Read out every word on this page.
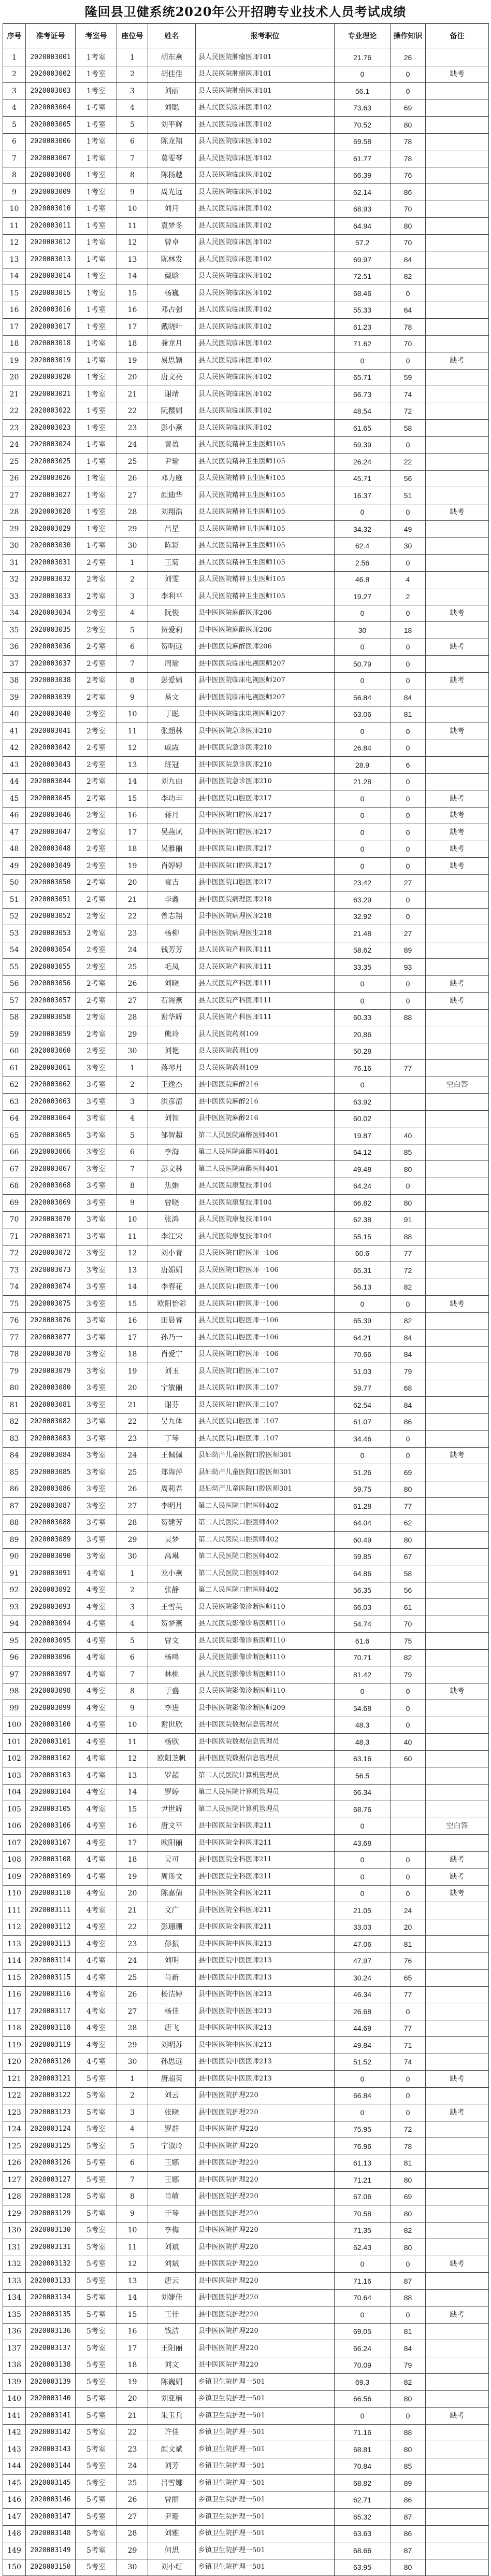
隆回县卫健系统2020年公开招聘专业技术人员考试成绩
序号	准考证号	考室号	座位号	姓名	报考职位	专业理论	操作知识	备注
1	2020003001	1考室	1	胡东燕	县人民医院肿瘤医师101	21.76	26	
2	2020003002	1考室	2	胡佳佳	县人民医院肿瘤医师101	0	0	缺考
3	2020003003	1考室	3	刘丽	县人民医院肿瘤医师101	56.1	0	
4	2020003004	1考室	4	刘聪	县人民医院临床医师102	73.63	69	
5	2020003005	1考室	5	刘平辉	县人民医院临床医师102	70.52	80	
6	2020003006	1考室	6	陈龙翔	县人民医院临床医师102	69.58	78	
7	2020003007	1考室	7	莫雯琴	县人民医院临床医师102	61.77	78	
8	2020003008	1考室	8	陈扬越	县人民医院临床医师102	66.39	76	
9	2020003009	1考室	9	周光远	县人民医院临床医师102	62.14	86	
10	2020003010	1考室	10	刘月	县人民医院临床医师102	68.93	70	
11	2020003011	1考室	11	袁梦冬	县人民医院临床医师102	64.94	80	
12	2020003012	1考室	12	曾卓	县人民医院临床医师102	57.2	70	
13	2020003013	1考室	13	陈林发	县人民医院临床医师102	69.97	84	
14	2020003014	1考室	14	戴晗	县人民医院临床医师102	72.51	82	
15	2020003015	1考室	15	杨巍	县人民医院临床医师102	68.46	0	
16	2020003016	1考室	16	邓占强	县人民医院临床医师102	55.33	64	
17	2020003017	1考室	17	戴晓叶	县人民医院临床医师102	61.23	78	
18	2020003018	1考室	18	龚龙月	县人民医院临床医师102	71.62	70	
19	2020003019	1考室	19	易思颖	县人民医院临床医师102	0	0	缺考
20	2020003020	1考室	20	唐文亮	县人民医院临床医师102	65.71	59	
21	2020003021	1考室	21	谢靖	县人民医院临床医师102	66.73	74	
22	2020003022	1考室	22	阮樱娟	县人民医院临床医师102	48.54	72	
23	2020003023	1考室	23	彭小燕	县人民医院临床医师102	61.65	58	
24	2020003024	1考室	24	黄盈	县人民医院精神卫生医师105	59.39	0	
25	2020003025	1考室	25	尹瑜	县人民医院精神卫生医师105	26.24	22	
26	2020003026	1考室	26	邓力庭	县人民医院精神卫生医师105	45.71	56	
27	2020003027	1考室	27	颜迪华	县人民医院精神卫生医师105	16.37	51	
28	2020003028	1考室	28	刘翔浩	县人民医院精神卫生医师105	0	0	缺考
29	2020003029	1考室	29	吕星	县人民医院精神卫生医师105	34.32	49	
30	2020003030	1考室	30	陈彩	县人民医院精神卫生医师105	62.4	30	
31	2020003031	2考室	1	王菊	县人民医院精神卫生医师105	2.56	0	
32	2020003032	2考室	2	刘雯	县人民医院精神卫生医师105	46.8	4	
33	2020003033	2考室	3	李利平	县人民医院精神卫生医师105	19.27	2	
34	2020003034	2考室	4	阮俊	县中医医院麻醉医师206	0	0	缺考
35	2020003035	2考室	5	贺爱莉	县中医医院麻醉医师206	30	18	
36	2020003036	2考室	6	贺明远	县中医医院麻醉医师206	0	0	缺考
37	2020003037	2考室	7	周瑜	县中医医院临床电视医师207	50.79	0	
38	2020003038	2考室	8	彭爱婧	县中医医院临床电视医师207	0	0	缺考
39	2020003039	2考室	9	易文	县中医医院临床电视医师207	56.84	84	
40	2020003040	2考室	10	丁聪	县中医医院临床电视医师207	63.06	81	
41	2020003041	2考室	11	张超林	县中医医院急诊医师210	0	0	缺考
42	2020003042	2考室	12	戚霞	县中医医院急诊医师210	26.84	0	
43	2020003043	2考室	13	班冠	县中医医院急诊医师210	28.9	6	
44	2020003044	2考室	14	刘九由	县中医医院急诊医师210	21.28	0	
45	2020003045	2考室	15	李功丰	县中医医院口腔医师217	0	0	缺考
46	2020003046	2考室	16	蒋月	县中医医院口腔医师217	0	0	缺考
47	2020003047	2考室	17	吴燕凤	县中医医院口腔医师217	0	0	缺考
48	2020003048	2考室	18	吴雅丽	县中医医院口腔医师217	0	0	缺考
49	2020003049	2考室	19	肖婷婷	县中医医院口腔医师217	0	0	缺考
50	2020003050	2考室	20	袁吉	县中医医院口腔医师217	23.42	27	
51	2020003051	2考室	21	李鑫	县中医医院病理医师218	63.29	0	
52	2020003052	2考室	22	曾志翔	县中医医院病理医师218	32.92	0	
53	2020003053	2考室	23	杨柳	县中医医院病理医生218	21.48	27	
54	2020003054	2考室	24	钱芳芳	县人民医院产科医师111	58.62	89	
55	2020003055	2考室	25	毛凤	县人民医院产科医师111	33.35	93	
56	2020003056	2考室	26	刘晓	县人民医院产科医师111	0	0	缺考
57	2020003057	2考室	27	石海燕	县人民医院产科医师111	0	0	缺考
58	2020003058	2考室	28	谢华辉	县人民医院产科医师111	60.33	88	
59	2020003059	2考室	29	熊玲	县人民医院药剂109	20.86		
60	2020003060	2考室	30	刘艳	县人民医院药剂109	50.28		
61	2020003061	3考室	1	蒋琴月	县人民医院药剂109	76.16	77	
62	2020003062	3考室	2	王逸杰	县中医医院麻醉216	0		空白答
63	2020003063	3考室	3	洪彦清	县中医医院麻醉216	63.92		
64	2020003064	3考室	4	刘智	县中医医院麻醉216	60.02		
65	2020003065	3考室	5	邹智超	第二人民医院麻醉医师401	19.87	40	
66	2020003066	3考室	6	李海	第二人民医院麻醉医师401	64.12	85	
67	2020003067	3考室	7	彭文林	第二人民医院麻醉医师401	49.48	80	
68	2020003068	3考室	8	焦娟	县人民医院康复技师104	64.24	0	
69	2020003069	3考室	9	曾晓	县人民医院康复技师104	66.82	80	
70	2020003070	3考室	10	张鸿	县人民医院康复技师104	62.38	91	
71	2020003071	3考室	11	李江宋	县人民医院康复技师104	55.15	88	
72	2020003072	3考室	12	刘小青	县人民医院口腔医师一106	60.6	77	
73	2020003073	3考室	13	唐媚娟	县人民医院口腔医师一106	65.31	72	
74	2020003074	3考室	14	李春花	县人民医院口腔医师一106	56.13	82	
75	2020003075	3考室	15	欧阳怡彩	县人民医院口腔医师一106	0	0	缺考
76	2020003076	3考室	16	田晨睿	县人民医院口腔医师一106	65.39	82	
77	2020003077	3考室	17	孙乃一	县人民医院口腔医师一106	64.21	84	
78	2020003078	3考室	18	肖爱宁	县人民医院口腔医师一106	70.66	84	
79	2020003079	3考室	19	刘玉	县人民医院口腔医师二107	51.03	79	
80	2020003080	3考室	20	宁敏丽	县人民医院口腔医师二107	59.77	68	
81	2020003081	3考室	21	谢芬	县人民医院口腔医师二107	62.54	84	
82	2020003082	3考室	22	吴九体	县人民医院口腔医师二107	61.07	86	
83	2020003083	3考室	23	丁琴	县人民医院口腔医师二107	34.46	0	
84	2020003084	3考室	24	王佩佩	县妇幼产儿童医院口腔医师301	0	0	缺考
85	2020003085	3考室	25	郑海萍	县妇幼产儿童医院口腔医师301	51.26	69	
86	2020003086	3考室	26	周莉君	县妇幼产儿童医院口腔医师301	59.75	80	
87	2020003087	3考室	27	李明月	第二人民医院口腔医师402	61.28	77	
88	2020003088	3考室	28	贺建芳	第二人民医院口腔医师402	64.04	62	
89	2020003089	3考室	29	吴梦	第二人民医院口腔医师402	60.49	80	
90	2020003090	3考室	30	高琳	第二人民医院口腔医师402	59.85	67	
91	2020003091	4考室	1	龙小燕	第二人民医院口腔医师402	64.86	58	
92	2020003092	4考室	2	张静	第二人民医院口腔医师402	56.35	56	
93	2020003093	4考室	3	王雪英	县人民医院影像诊断医师110	66.03	61	
94	2020003094	4考室	4	贺梦燕	县人民医院影像诊断医师110	54.74	70	
95	2020003095	4考室	5	曾文	县人民医院影像诊断医师110	61.6	75	
96	2020003096	4考室	6	杨鸣	县人民医院影像诊断医师110	70.71	82	
97	2020003097	4考室	7	林桃	县人民医院影像诊断医师110	81.42	79	
98	2020003098	4考室	8	于盛	县人民医院影像诊断医师110	0	0	缺考
99	2020003099	4考室	9	李进	县中医医院影像诊断医师209	54.68	0	
100	2020003100	4考室	10	谢世欣	县中医医院数据信息管理员	48.3	0	
101	2020003101	4考室	11	杨欣	县中医医院数据信息管理员	48.3	40	
102	2020003102	4考室	12	欧阳芝帆	县中医医院数据信息管理员	63.16	60	
103	2020003103	4考室	13	罗超	第二人民医院计算机管理员	56.5		
104	2020003104	4考室	14	罗婷	第二人民医院计算机管理员	66.34		
105	2020003105	4考室	15	尹世辉	第二人民医院计算机管理员	68.76		
106	2020003106	4考室	16	唐文平	县中医医院全科医师211	0		空白答
107	2020003107	4考室	17	欧阳丽	县中医医院全科医师211	43.68		
108	2020003108	4考室	18	吴可	县中医医院全科医师211	0	0	缺考
109	2020003109	4考室	19	周斯文	县中医医院全科医师211	0	0	缺考
110	2020003110	4考室	20	陈嘉倩	县中医医院全科医师211	0	0	缺考
111	2020003111	4考室	21	文广	县中医医院全科医师211	21.05	24	
112	2020003112	4考室	22	彭珊珊	县中医医院全科医师211	33.03	20	
113	2020003113	4考室	23	彭振	县中医医院中医医师213	47.06	81	
114	2020003114	4考室	24	刘明	县中医医院中医医师213	47.97	76	
115	2020003115	4考室	25	肖新	县中医医院中医医师213	30.24	65	
116	2020003116	4考室	26	杨洁婷	县中医医院中医医师213	46.34	77	
117	2020003117	4考室	27	杨佳	县中医医院中医医师213	26.68	0	
118	2020003118	4考室	28	唐飞	县中医医院中医医师213	44.69	77	
119	2020003119	4考室	29	刘明苏	县中医医院中医医师213	49.84	71	
120	2020003120	4考室	30	孙思远	县中医医院中医医师213	51.52	74	
121	2020003121	5考室	1	唐超英	县中医医院中医医师213	0	0	缺考
122	2020003122	5考室	2	刘云	县中医医院护理220	66.84	0	
123	2020003123	5考室	3	张晓	县中医医院护理220	0	0	缺考
124	2020003124	5考室	4	罗群	县中医医院护理220	75.95	72	
125	2020003125	5考室	5	宁淑玲	县中医医院护理220	76.96	78	
126	2020003126	5考室	6	王娜	县中医医院护理220	61.13	81	
127	2020003127	5考室	7	王娜	县中医医院护理220	71.21	80	
128	2020003128	5考室	8	肖敏	县中医医院护理220	67.06	69	
129	2020003129	5考室	9	于琴	县中医医院护理220	70.58	80	
130	2020003130	5考室	10	李梅	县中医医院护理220	71.35	82	
131	2020003131	5考室	11	刘斌	县中医医院护理220	62.43	80	
132	2020003132	5考室	12	刘斌	县中医医院护理220	0	0	缺考
133	2020003133	5考室	13	唐云	县中医医院护理220	71.16	87	
134	2020003134	5考室	14	刘婕佳	县中医医院护理220	70.64	88	
135	2020003135	5考室	15	王佳	县中医医院护理220	0	0	缺考
136	2020003136	5考室	16	钱洁	县中医医院护理220	69.05	81	
137	2020003137	5考室	17	王阳丽	县中医医院护理220	66.24	84	
138	2020003138	5考室	18	刘文	县中医医院护理220	70.09	79	
139	2020003139	5考室	19	陈巍娟	乡镇卫生院护理一501	69.3	82	
140	2020003140	5考室	20	刘亚楠	乡镇卫生院护理一501	66.56	80	
141	2020003141	5考室	21	朱玉兵	乡镇卫生院护理一501	0	0	缺考
142	2020003142	5考室	22	许佳	乡镇卫生院护理一501	71.16	88	
143	2020003143	5考室	23	颜文斌	乡镇卫生院护理一501	68.81	80	
144	2020003144	5考室	24	刘芳	乡镇卫生院护理一501	70.84	85	
145	2020003145	5考室	25	吕雪娜	乡镇卫生院护理一501	68.82	89	
146	2020003146	5考室	26	曾丽	乡镇卫生院护理一501	62.71	86	
147	2020003147	5考室	27	尹珊	乡镇卫生院护理一501	65.32	87	
148	2020003148	5考室	28	刘雅	乡镇卫生院护理一501	63.63	86	
149	2020003149	5考室	29	何思	乡镇卫生院护理一501	68.66	87	
150	2020003150	5考室	30	刘小红	乡镇卫生院护理一501	63.95	80	
